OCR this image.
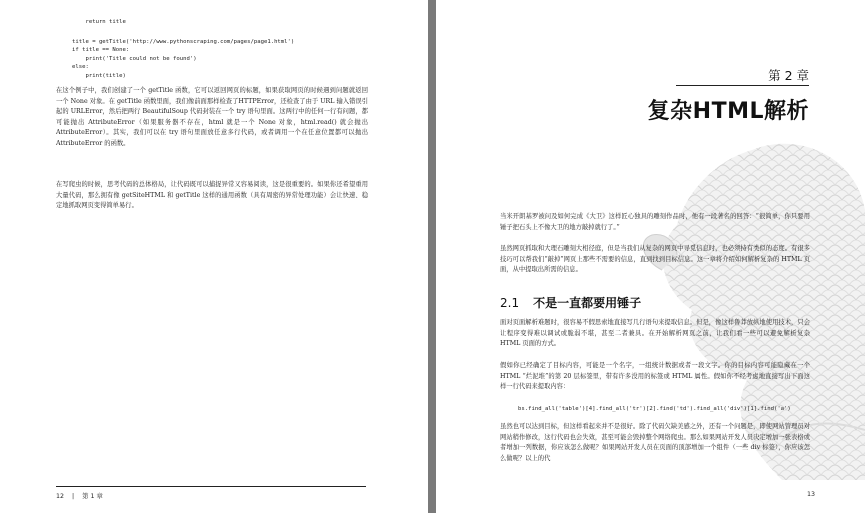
return title
title = getTitle('http://www.pythonscraping.com/pages/page1.html')
if title == None:
print('Title could not be found')
else:
print(title)

在这个例子中，我们创建了一个 getTitle 函数，它可以返回网页的标题，如果获取网页的时候遇到问题就返回一个 None 对象。在 getTitle 函数里面，我们像前面那样检查了HTTPError，还检查了由于 URL 输入错误引起的 URLError，然后把两行 BeautifulSoup 代码封装在一个 try 语句里面。这两行中的任何一行有问题，都可能抛出 AttributeError（如果服务器不存在，html 就是一个 None 对象，html.read() 就会抛出 AttributeError）。其实，我们可以在 try 语句里面放任意多行代码，或者调用一个在任意位置都可以抛出 AttributeError 的函数。

在写爬虫的时候，思考代码的总体格局，让代码既可以捕捉异常又容易阅读，这是很重要的。如果你还希望重用大量代码，那么拥有像 getSiteHTML 和 getTitle 这样的通用函数（具有周密的异常处理功能）会让快速、稳定地抓取网页变得简单易行。

12 | 第 1 章
第 2 章
复杂HTML解析

当米开朗基罗被问及如何完成《大卫》这样匠心独具的雕刻作品时，他有一段著名的回答：“很简单，你只要用锤子把石头上不像大卫的地方敲掉就行了。”

虽然网页抓取和大理石雕刻大相径庭，但是当我们从复杂的网页中寻觅信息时，也必须持有类似的态度。有很多技巧可以帮我们“敲掉”网页上那些不需要的信息，直到找到目标信息。这一章将介绍如何解析复杂的 HTML 页面，从中提取出所需的信息。

2.1 不是一直都要用锤子

面对页面解析难题时，很容易不假思索地直接写几行语句来提取信息。但是，像这样鲁莽放纵地使用技术，只会让程序变得难以调试或脆弱不堪，甚至二者兼具。在开始解析网页之前，让我们看一些可以避免解析复杂 HTML 页面的方式。

假如你已经确定了目标内容，可能是一个名字，一组统计数据或者一段文字。你的目标内容可能隐藏在一个 HTML “烂泥堆”的第 20 层标签里，带有许多没用的标签或 HTML 属性。假如你不经考虑地直接写出下面这样一行代码来提取内容：

bs.find_all('table')[4].find_all('tr')[2].find('td').find_all('div')[1].find('a')

虽然也可以达到目标，但这样看起来并不是很好。除了代码欠缺美感之外，还有一个问题是，即使网站管理员对网站稍作修改，这行代码也会失效，甚至可能会毁掉整个网络爬虫。那么如果网站开发人员决定增加一张表格或者增加一列数据，你应该怎么做呢？如果网站开发人员在页面的顶部增加一个组件（一些 div 标签），你应该怎么做呢？以上的代

13
